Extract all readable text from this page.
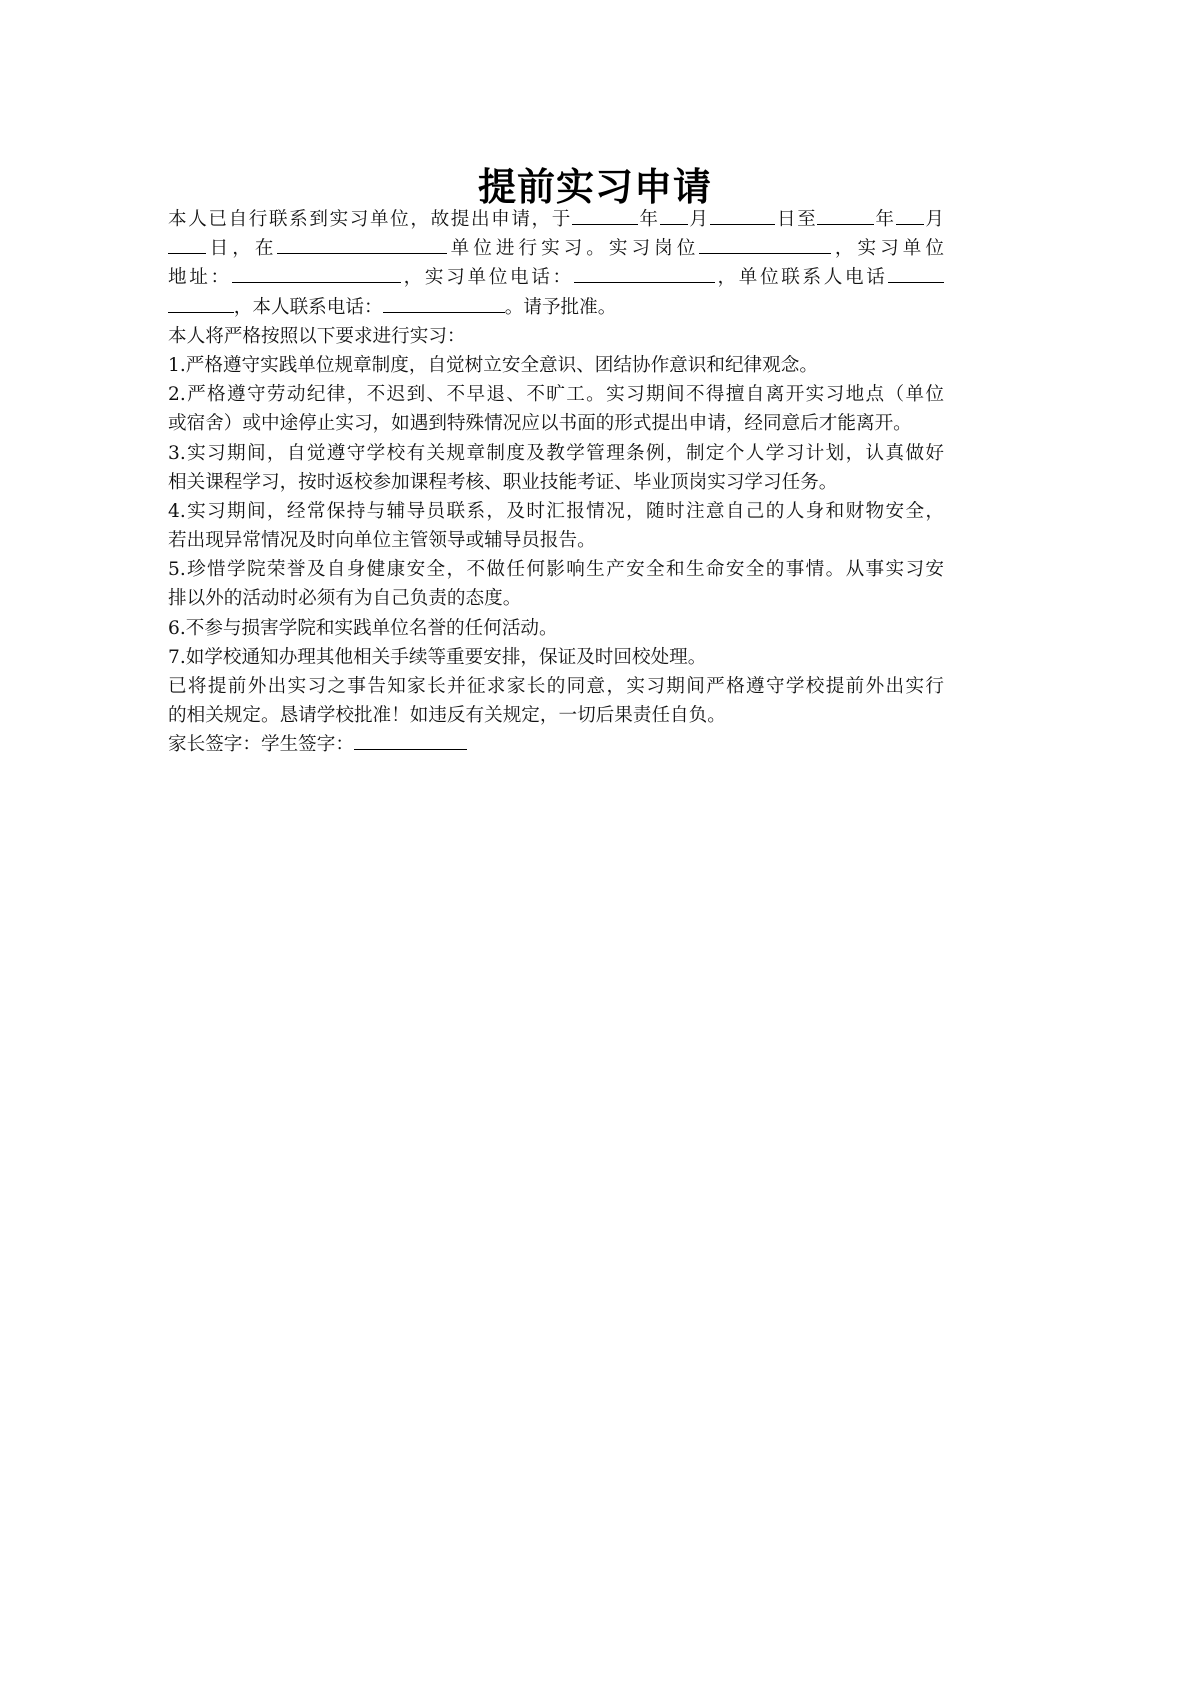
提前实习申请
本人已自行联系到实习单位，故提出申请，于	年 月	日至	年 月
日，在	单位进行实习。实习岗位	，实习单位
地址：	，实习单位电话：	，单位联系人电话
，本人联系电话：	。请予批准。
本人将严格按照以下要求进行实习：
1.严格遵守实践单位规章制度，自觉树立安全意识、团结协作意识和纪律观念。
2.严格遵守劳动纪律，不迟到、不早退、不旷工。实习期间不得擅自离开实习地点（单位
或宿舍）或中途停止实习，如遇到特殊情况应以书面的形式提出申请，经同意后才能离开。
3.实习期间，自觉遵守学校有关规章制度及教学管理条例，制定个人学习计划，认真做好
相关课程学习，按时返校参加课程考核、职业技能考证、毕业顶岗实习学习任务。
4.实习期间，经常保持与辅导员联系，及时汇报情况，随时注意自己的人身和财物安全，
若出现异常情况及时向单位主管领导或辅导员报告。
5.珍惜学院荣誉及自身健康安全，不做任何影响生产安全和生命安全的事情。从事实习安
排以外的活动时必须有为自己负责的态度。
6.不参与损害学院和实践单位名誉的任何活动。
7.如学校通知办理其他相关手续等重要安排，保证及时回校处理。
已将提前外出实习之事告知家长并征求家长的同意，实习期间严格遵守学校提前外出实行
的相关规定。恳请学校批准！如违反有关规定，一切后果责任自负。
家长签字：学生签字：
